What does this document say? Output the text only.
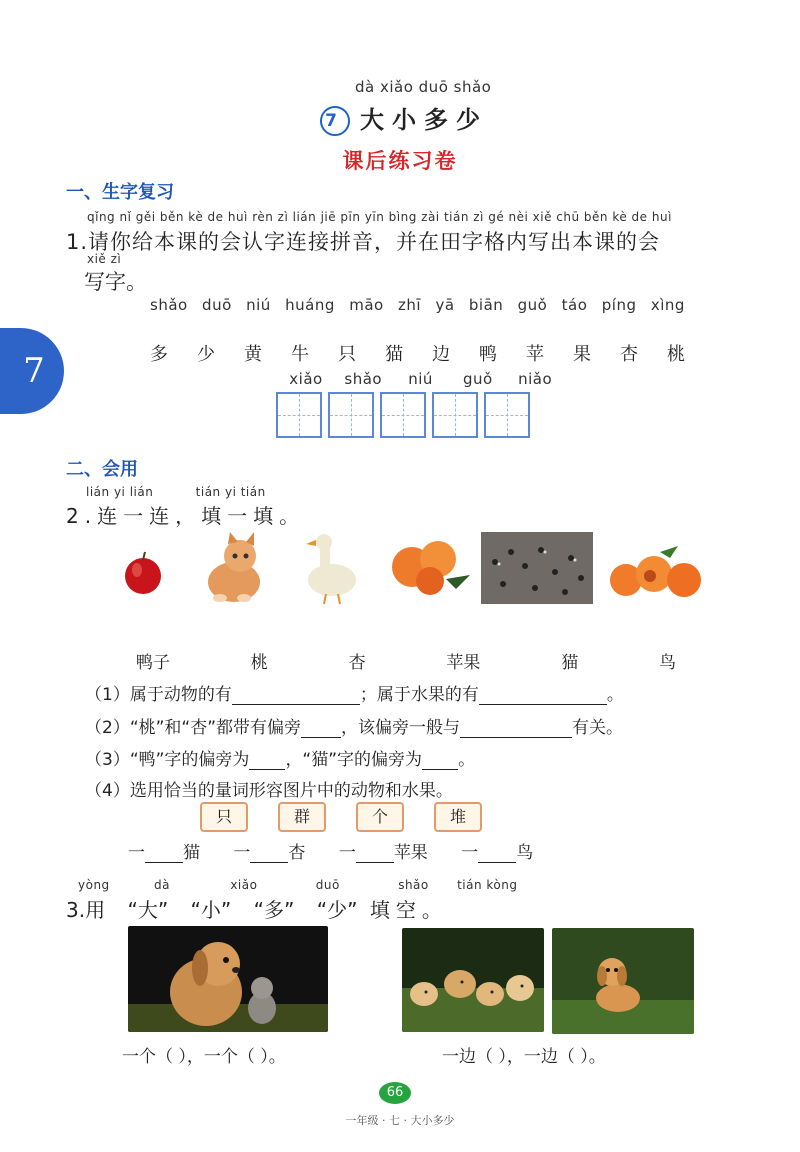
dà xiǎo duō shǎo
7 大小多少
课后练习卷
7
一、生字复习
qǐng nǐ gěi běn kè de huì rèn zì lián jiē pīn yīn bìng zài tián zì gé nèi xiě chū běn kè de huì
1.请你给本课的会认字连接拼音，并在田字格内写出本课的会
xiě zì
写字。
shǎo duō niú huáng māo zhī yā biān guǒ táo píng xìng
多 少 黄 牛 只 猫 边 鸭 苹 果 杏 桃
xiǎo shǎo niú guǒ niǎo
二、会用
lián yi lián	tián yi tián
2.连一连，填一填。
鸭子	桃	杏	苹果	猫	鸟
（1）属于动物的有	；属于水果的有	。
（2）“桃”和“杏”都带有偏旁 ，该偏旁一般与	有关。
（3）“鸭”字的偏旁为 ，“猫”字的偏旁为 。
（4）选用恰当的量词形容图片中的动物和水果。
只	群	个	堆
一 猫 一 杏 一 苹果 一 鸟
yòng	dà	xiǎo	duō	shǎo tián kòng
3.用 “大” “小” “多” “少” 填空。
一个（ ），一个（ ）。	一边（ ），一边（ ）。
66
一年级 · 七 · 大小多少
